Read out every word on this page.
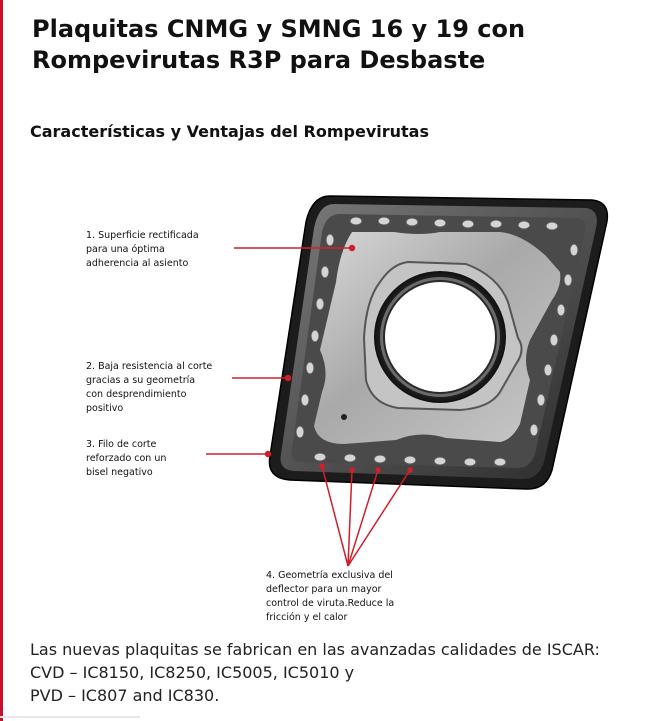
Plaquitas CNMG y SMNG 16 y 19 con
Rompevirutas R3P para Desbaste
Características y Ventajas del Rompevirutas
1. Superficie rectificada
para una óptima
adherencia al asiento
2. Baja resistencia al corte
gracias a su geometría
con desprendimiento
positivo
3. Filo de corte
reforzado con un
bisel negativo
4. Geometría exclusiva del
deflector para un mayor
control de viruta.Reduce la
fricción y el calor
Las nuevas plaquitas se fabrican en las avanzadas calidades de ISCAR:
CVD – IC8150, IC8250, IC5005, IC5010 y
PVD – IC807 and IC830.
